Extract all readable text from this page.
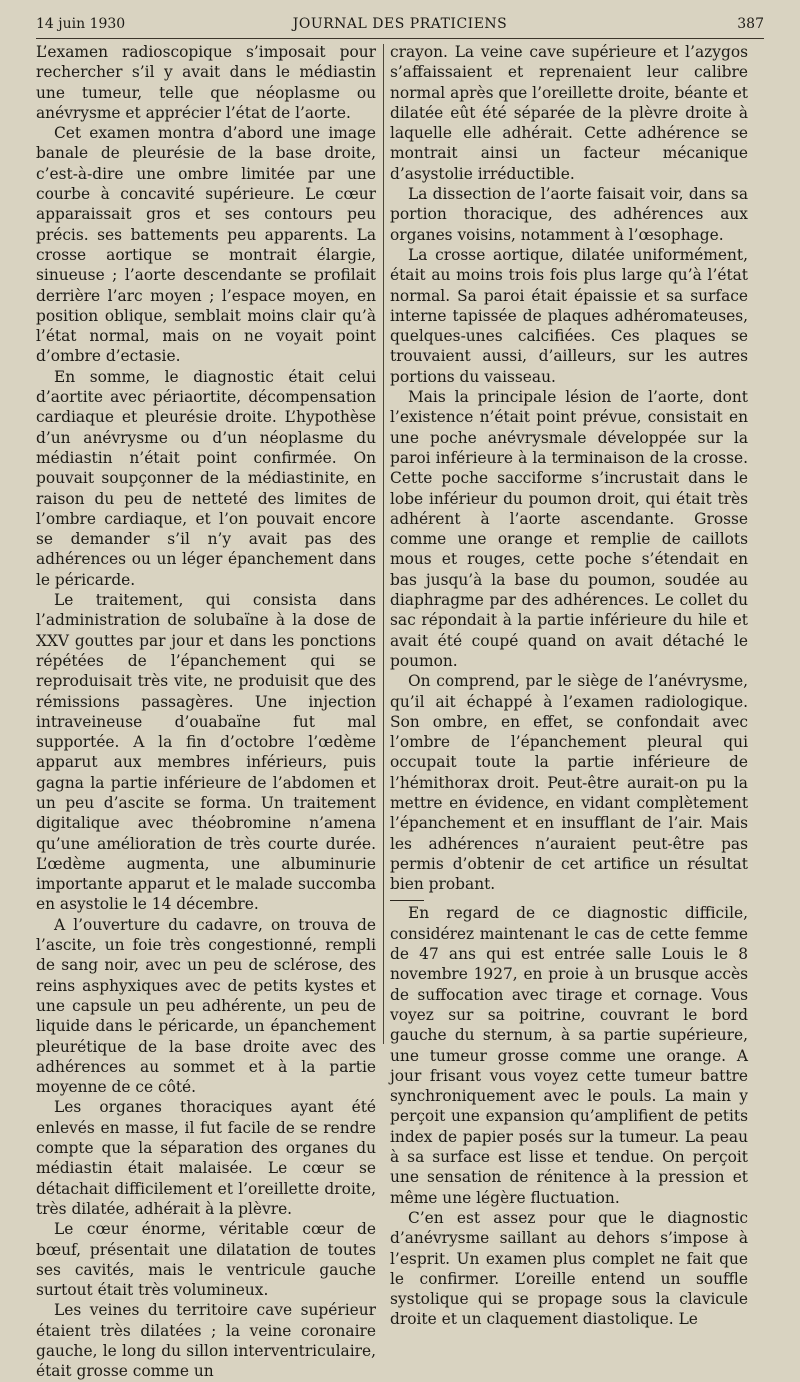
JOURNAL DES PRATICIENS
14 juin 1930	387

L’examen radioscopique s’imposait pour rechercher s’il y avait dans le médiastin une tumeur, telle que néoplasme ou anévrysme et apprécier l’état de l’aorte.

Cet examen montra d’abord une image banale de pleurésie de la base droite, c’est-à-dire une ombre limitée par une courbe à concavité supérieure. Le cœur apparaissait gros et ses contours peu précis. ses battements peu apparents. La crosse aortique se montrait élargie, sinueuse ; l’aorte descendante se profilait derrière l’arc moyen ; l’espace moyen, en position oblique, semblait moins clair qu’à l’état normal, mais on ne voyait point d’ombre d’ectasie.

En somme, le diagnostic était celui d’aortite avec périaortite, décompensation cardiaque et pleurésie droite. L’hypothèse d’un anévrysme ou d’un néoplasme du médiastin n’était point confirmée. On pouvait soupçonner de la médiastinite, en raison du peu de netteté des limites de l’ombre cardiaque, et l’on pouvait encore se demander s’il n’y avait pas des adhérences ou un léger épanchement dans le péricarde.

Le traitement, qui consista dans l’administration de solubaïne à la dose de XXV gouttes par jour et dans les ponctions répétées de l’épanchement qui se reproduisait très vite, ne produisit que des rémissions passagères. Une injection intraveineuse d’ouabaïne fut mal supportée. A la fin d’octobre l’œdème apparut aux membres inférieurs, puis gagna la partie inférieure de l’abdomen et un peu d’ascite se forma. Un traitement digitalique avec théobromine n’amena qu’une amélioration de très courte durée. L’œdème augmenta, une albuminurie importante apparut et le malade succomba en asystolie le 14 décembre.

A l’ouverture du cadavre, on trouva de l’ascite, un foie très congestionné, rempli de sang noir, avec un peu de sclérose, des reins asphyxiques avec de petits kystes et une capsule un peu adhérente, un peu de liquide dans le péricarde, un épanchement pleurétique de la base droite avec des adhérences au sommet et à la partie moyenne de ce côté.

Les organes thoraciques ayant été enlevés en masse, il fut facile de se rendre compte que la séparation des organes du médiastin était malaisée. Le cœur se détachait difficilement et l’oreillette droite, très dilatée, adhérait à la plèvre.

Le cœur énorme, véritable cœur de bœuf, présentait une dilatation de toutes ses cavités, mais le ventricule gauche surtout était très volumineux.

Les veines du territoire cave supérieur étaient très dilatées ; la veine coronaire gauche, le long du sillon interventriculaire, était grosse comme un

crayon. La veine cave supérieure et l’azygos s’affaissaient et reprenaient leur calibre normal après que l’oreillette droite, béante et dilatée eût été séparée de la plèvre droite à laquelle elle adhérait. Cette adhérence se montrait ainsi un facteur mécanique d’asystolie irréductible.

La dissection de l’aorte faisait voir, dans sa portion thoracique, des adhérences aux organes voisins, notamment à l’œsophage.

La crosse aortique, dilatée uniformément, était au moins trois fois plus large qu’à l’état normal. Sa paroi était épaissie et sa surface interne tapissée de plaques adhéromateuses, quelques-unes calcifiées. Ces plaques se trouvaient aussi, d’ailleurs, sur les autres portions du vaisseau.

Mais la principale lésion de l’aorte, dont l’existence n’était point prévue, consistait en une poche anévrysmale développée sur la paroi inférieure à la terminaison de la crosse. Cette poche sacciforme s’incrustait dans le lobe inférieur du poumon droit, qui était très adhérent à l’aorte ascendante. Grosse comme une orange et remplie de caillots mous et rouges, cette poche s’étendait en bas jusqu’à la base du poumon, soudée au diaphragme par des adhérences. Le collet du sac répondait à la partie inférieure du hile et avait été coupé quand on avait détaché le poumon.

On comprend, par le siège de l’anévrysme, qu’il ait échappé à l’examen radiologique. Son ombre, en effet, se confondait avec l’ombre de l’épanchement pleural qui occupait toute la partie inférieure de l’hémithorax droit. Peut-être aurait-on pu la mettre en évidence, en vidant complètement l’épanchement et en insufflant de l’air. Mais les adhérences n’auraient peut-être pas permis d’obtenir de cet artifice un résultat bien probant.

En regard de ce diagnostic difficile, considérez maintenant le cas de cette femme de 47 ans qui est entrée salle Louis le 8 novembre 1927, en proie à un brusque accès de suffocation avec tirage et cornage. Vous voyez sur sa poitrine, couvrant le bord gauche du sternum, à sa partie supérieure, une tumeur grosse comme une orange. A jour frisant vous voyez cette tumeur battre synchroniquement avec le pouls. La main y perçoit une expansion qu’amplifient de petits index de papier posés sur la tumeur. La peau à sa surface est lisse et tendue. On perçoit une sensation de rénitence à la pression et même une légère fluctuation.

C’en est assez pour que le diagnostic d’anévrysme saillant au dehors s’impose à l’esprit. Un examen plus complet ne fait que le confirmer. L’oreille entend un souffle systolique qui se propage sous la clavicule droite et un claquement diastolique. Le
